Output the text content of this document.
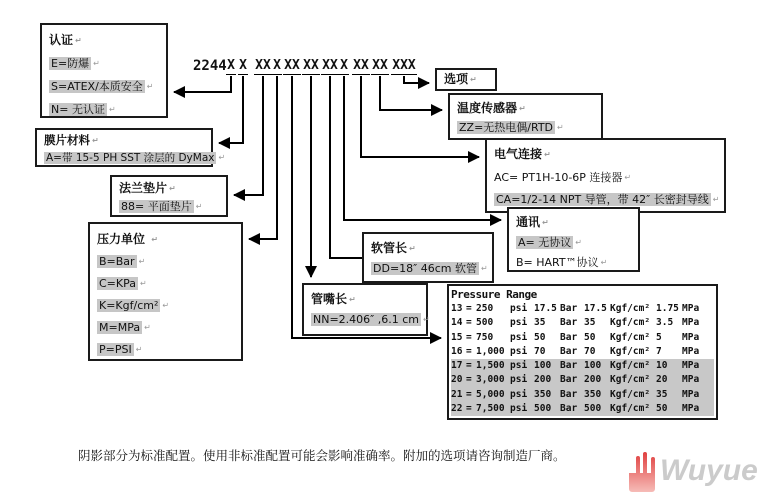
2244 X X XX X XX XX XX X XX XX XXX
认证 ↵
E=防爆 ↵
S=ATEX/本质安全 ↵
N= 无认证 ↵
膜片材料 ↵
A=带 15-5 PH SST 涂层的 DyMax ↵
法兰垫片 ↵
88= 平面垫片 ↵
压力单位 ↵
B=Bar ↵
C=KPa ↵
K=Kgf/cm² ↵
M=MPa ↵
P=PSI ↵
管嘴长 ↵
NN=2.406″ ,6.1 cm ↵
软管长 ↵
DD=18″ 46cm 软管 ↵
选项 ↵
温度传感器 ↵
ZZ=无热电偶/RTD ↵
电气连接 ↵
AC= PT1H-10-6P 连接器 ↵
CA=1/2-14 NPT 导管，带 42″ 长密封导线 ↵
通讯 ↵
A= 无协议 ↵
B= HART™协议 ↵
Pressure Range
13 = 250	psi 17.5 Bar 17.5 Kgf/cm² 1.75 MPa
14 = 500	psi 35	Bar 35	Kgf/cm² 3.5 MPa
15 = 750	psi 50	Bar 50	Kgf/cm² 5	MPa
16 = 1,000 psi 70	Bar 70	Kgf/cm² 7	MPa
17 = 1,500 psi 100 Bar 100 Kgf/cm² 10	MPa
20 = 3,000 psi 200 Bar 200 Kgf/cm² 20	MPa
21 = 5,000 psi 350 Bar 350 Kgf/cm² 35	MPa
22 = 7,500 psi 500 Bar 500 Kgf/cm² 50	MPa
阴影部分为标准配置。使用非标准配置可能会影响准确率。附加的选项请咨询制造厂商。	Wuyue
